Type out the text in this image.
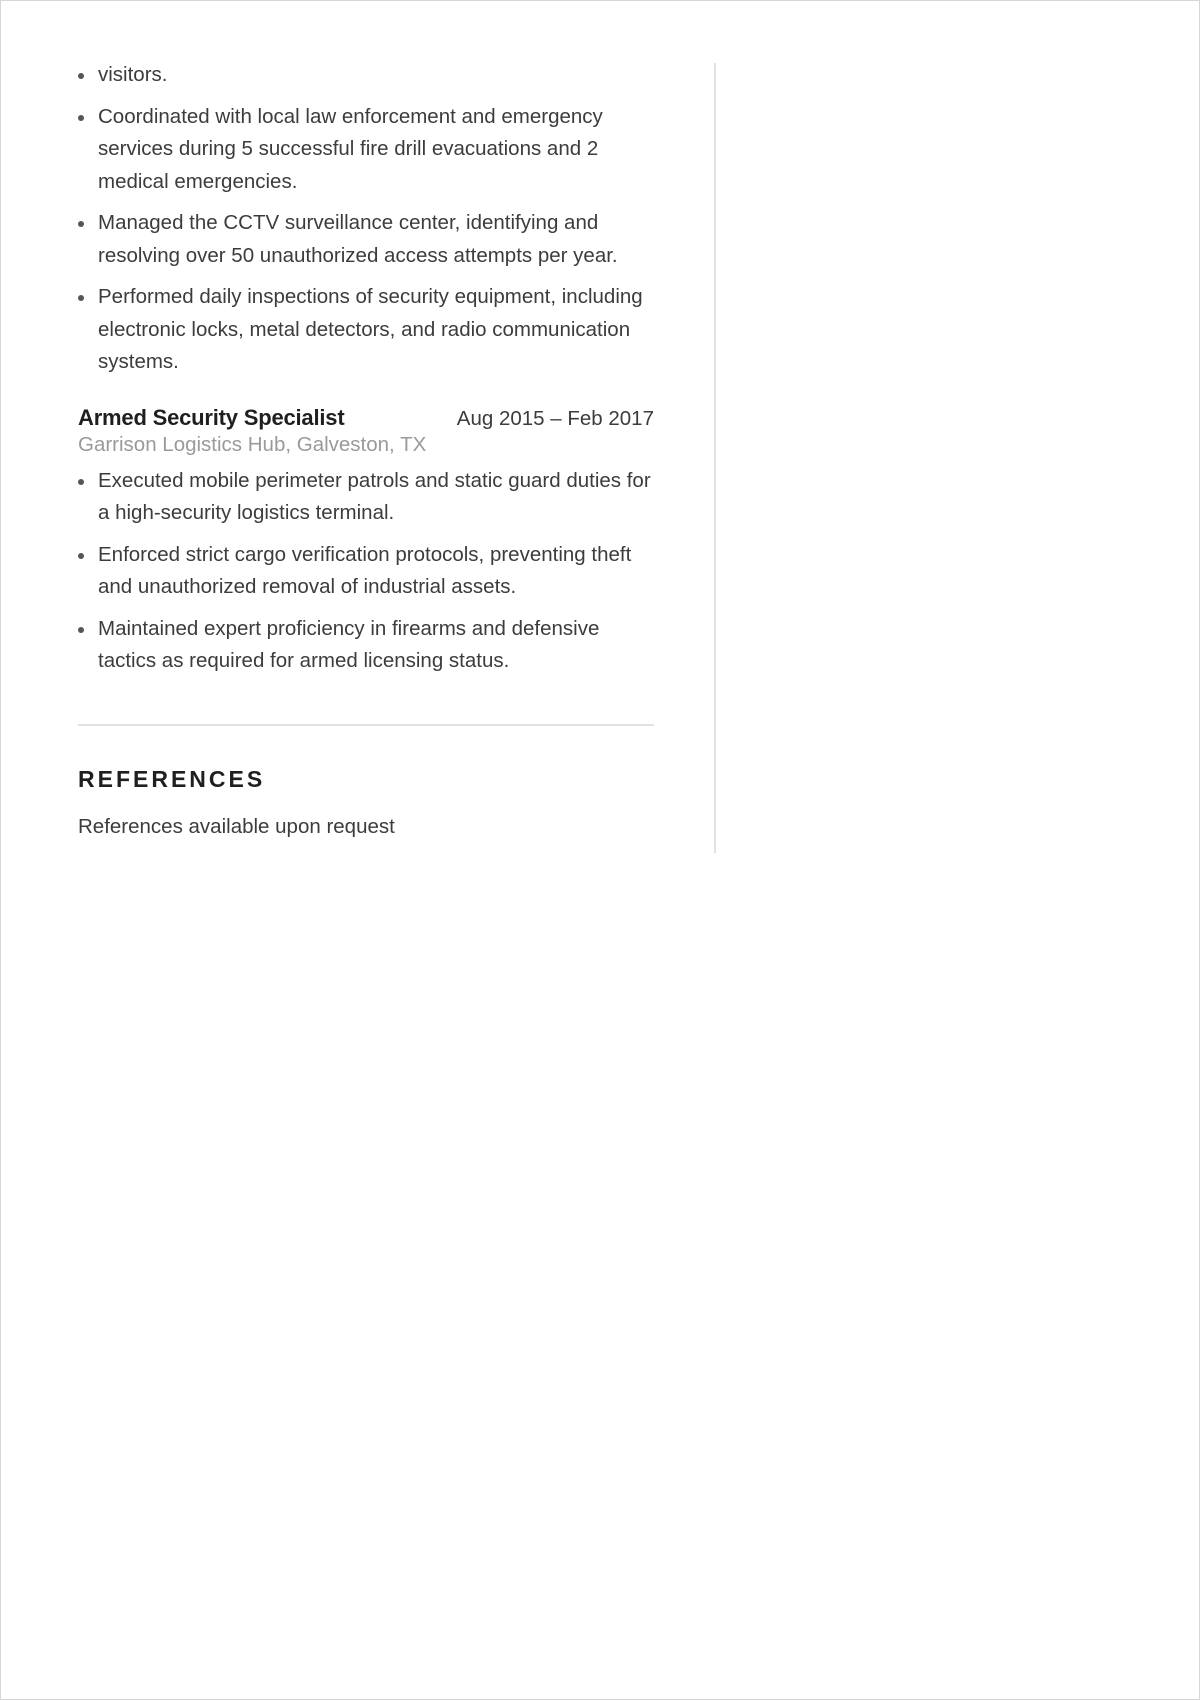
visitors.
Coordinated with local law enforcement and emergency services during 5 successful fire drill evacuations and 2 medical emergencies.
Managed the CCTV surveillance center, identifying and resolving over 50 unauthorized access attempts per year.
Performed daily inspections of security equipment, including electronic locks, metal detectors, and radio communication systems.
Armed Security Specialist	Aug 2015 – Feb 2017
Garrison Logistics Hub, Galveston, TX
Executed mobile perimeter patrols and static guard duties for a high-security logistics terminal.
Enforced strict cargo verification protocols, preventing theft and unauthorized removal of industrial assets.
Maintained expert proficiency in firearms and defensive tactics as required for armed licensing status.
REFERENCES
References available upon request
